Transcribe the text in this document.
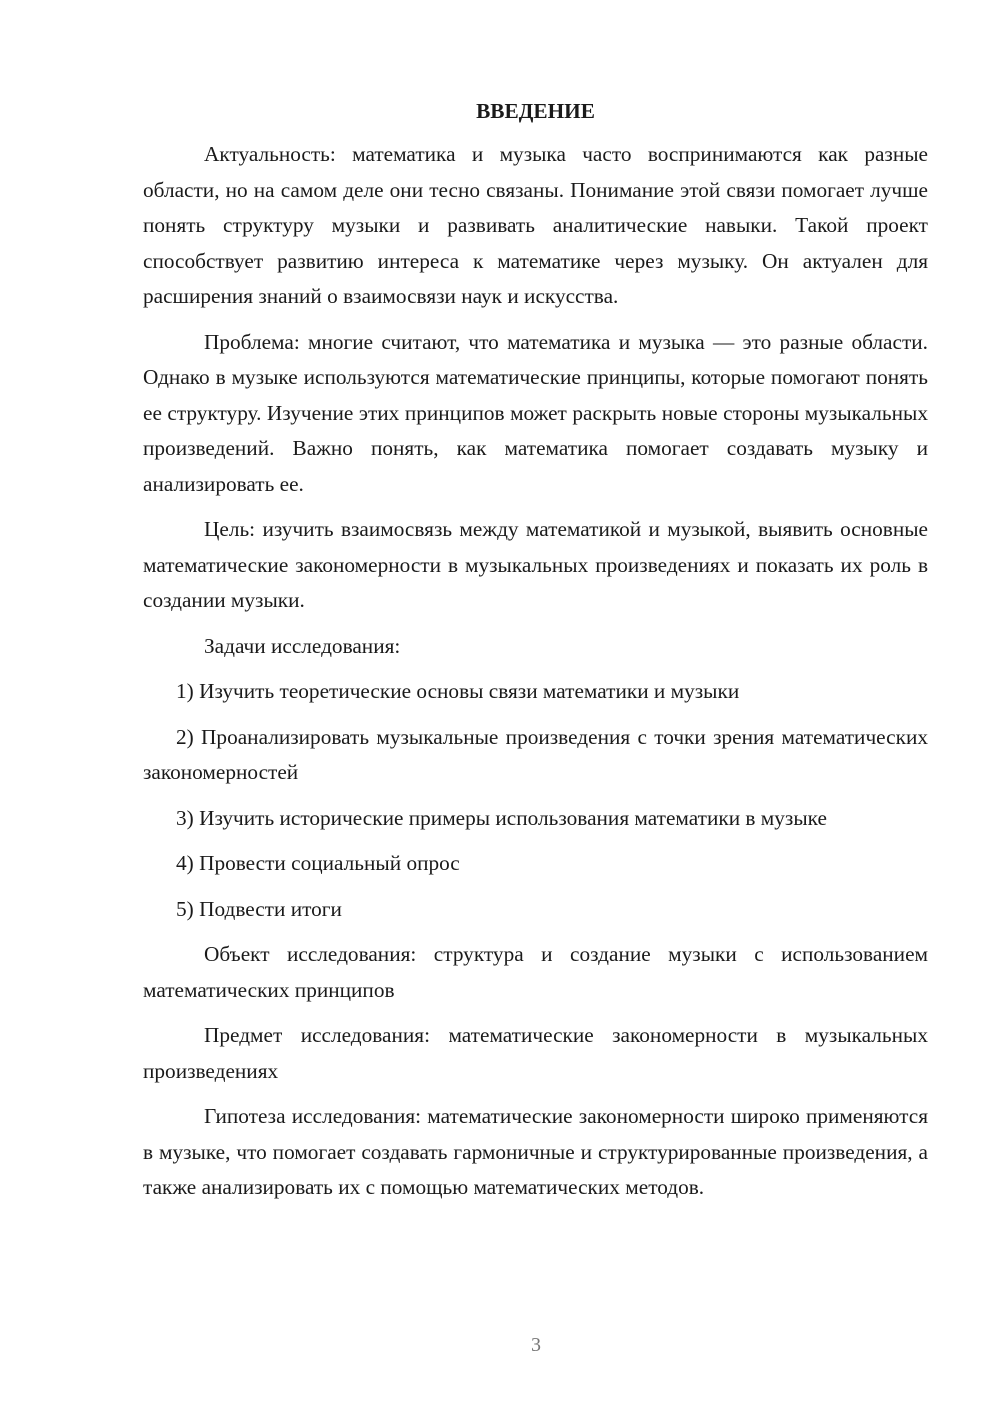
ВВЕДЕНИЕ

Актуальность: математика и музыка часто воспринимаются как разные области, но на самом деле они тесно связаны. Понимание этой связи помогает лучше понять структуру музыки и развивать аналитические навыки. Такой проект способствует развитию интереса к математике через музыку. Он актуален для расширения знаний о взаимосвязи наук и искусства.

Проблема: многие считают, что математика и музыка — это разные области. Однако в музыке используются математические принципы, которые помогают понять ее структуру. Изучение этих принципов может раскрыть новые стороны музыкальных произведений. Важно понять, как математика помогает создавать музыку и анализировать ее.

Цель: изучить взаимосвязь между математикой и музыкой, выявить основные математические закономерности в музыкальных произведениях и показать их роль в создании музыки.

Задачи исследования:

1) Изучить теоретические основы связи математики и музыки

2) Проанализировать музыкальные произведения с точки зрения математических закономерностей

3) Изучить исторические примеры использования математики в музыке

4) Провести социальный опрос

5) Подвести итоги

Объект исследования: структура и создание музыки с использованием математических принципов

Предмет исследования: математические закономерности в музыкальных произведениях

Гипотеза исследования: математические закономерности широко применяются в музыке, что помогает создавать гармоничные и структурированные произведения, а также анализировать их с помощью математических методов.

3
